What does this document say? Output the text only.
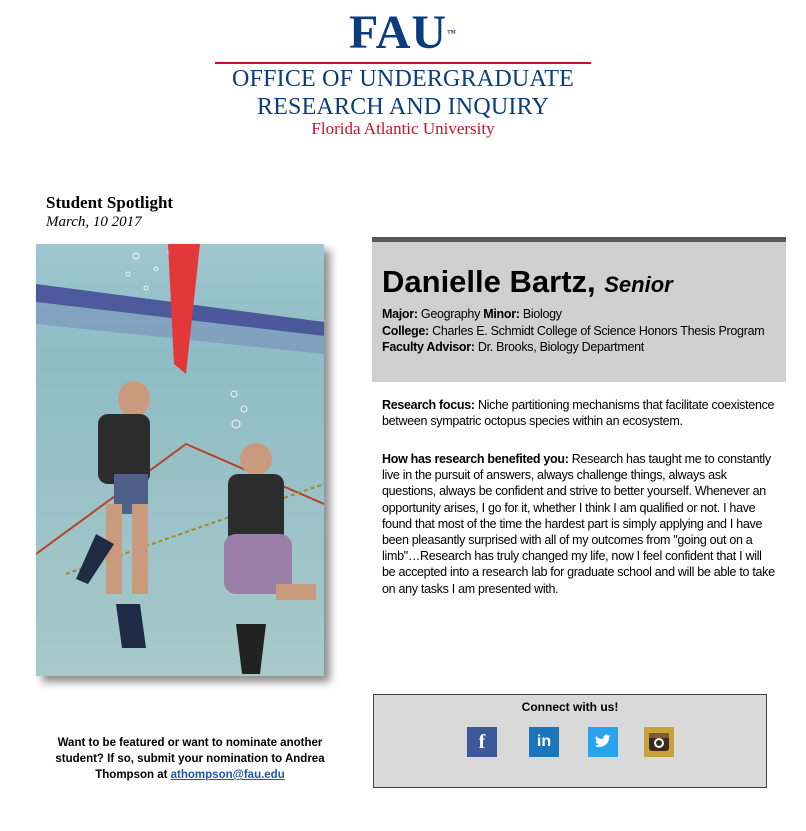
FAU™
OFFICE OF UNDERGRADUATE
RESEARCH AND INQUIRY
Florida Atlantic University
Student Spotlight
March, 10 2017
Danielle Bartz, Senior
Major: Geography Minor: Biology
College: Charles E. Schmidt College of Science Honors Thesis Program
Faculty Advisor: Dr. Brooks, Biology Department
Research focus: Niche partitioning mechanisms that facilitate coexistence between sympatric octopus species within an ecosystem.
How has research benefited you: Research has taught me to constantly live in the pursuit of answers, always challenge things, always ask questions, always be confident and strive to better yourself. Whenever an opportunity arises, I go for it, whether I think I am qualified or not. I have found that most of the time the hardest part is simply applying and I have been pleasantly surprised with all of my outcomes from "going out on a limb"…Research has truly changed my life, now I feel confident that I will be accepted into a research lab for graduate school and will be able to take on any tasks I am presented with.
Connect with us!
f	in
Want to be featured or want to nominate another student? If so, submit your nomination to Andrea Thompson at athompson@fau.edu
